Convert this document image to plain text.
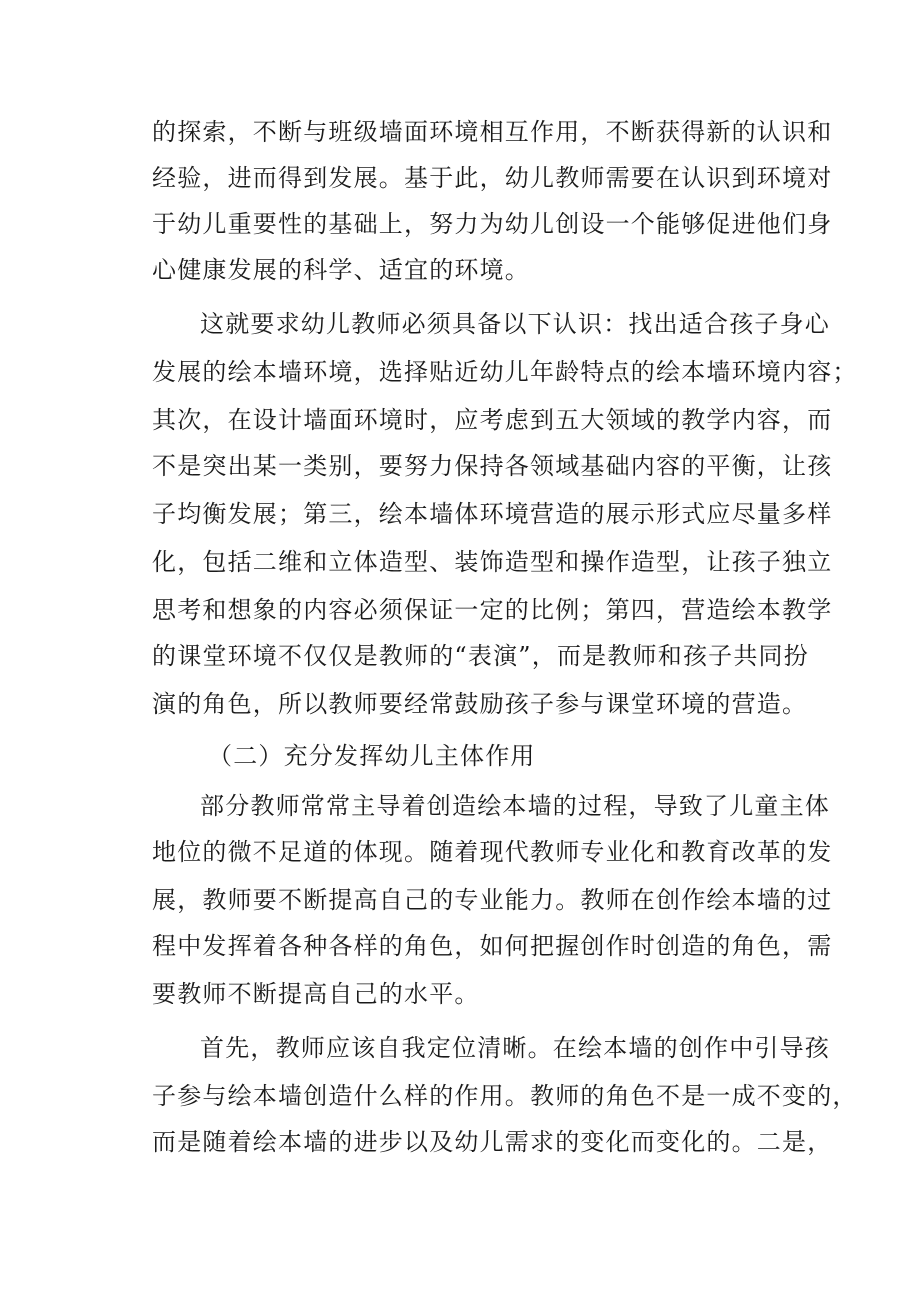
的探索，不断与班级墙面环境相互作用，不断获得新的认识和
经验，进而得到发展。基于此，幼儿教师需要在认识到环境对
于幼儿重要性的基础上，努力为幼儿创设一个能够促进他们身
心健康发展的科学、适宜的环境。
这就要求幼儿教师必须具备以下认识：找出适合孩子身心
发展的绘本墙环境，选择贴近幼儿年龄特点的绘本墙环境内容；
其次，在设计墙面环境时，应考虑到五大领域的教学内容，而
不是突出某一类别，要努力保持各领域基础内容的平衡，让孩
子均衡发展；第三，绘本墙体环境营造的展示形式应尽量多样
化，包括二维和立体造型、装饰造型和操作造型，让孩子独立
思考和想象的内容必须保证一定的比例；第四，营造绘本教学
的课堂环境不仅仅是教师的“表演”，而是教师和孩子共同扮
演的角色，所以教师要经常鼓励孩子参与课堂环境的营造。
（二）充分发挥幼儿主体作用
部分教师常常主导着创造绘本墙的过程，导致了儿童主体
地位的微不足道的体现。随着现代教师专业化和教育改革的发
展，教师要不断提高自己的专业能力。教师在创作绘本墙的过
程中发挥着各种各样的角色，如何把握创作时创造的角色，需
要教师不断提高自己的水平。
首先，教师应该自我定位清晰。在绘本墙的创作中引导孩
子参与绘本墙创造什么样的作用。教师的角色不是一成不变的，
而是随着绘本墙的进步以及幼儿需求的变化而变化的。二是，
